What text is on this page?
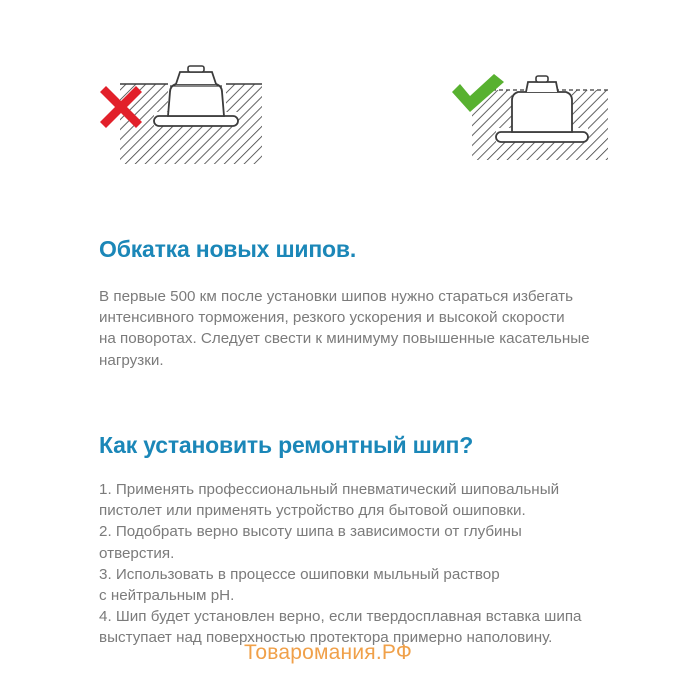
Обкатка новых шипов.
В первые 500 км после установки шипов нужно стараться избегать
интенсивного торможения, резкого ускорения и высокой скорости
на поворотах. Следует свести к минимуму повышенные касательные
нагрузки.
Как установить ремонтный шип?
1. Применять профессиональный пневматический шиповальный
пистолет или применять устройство для бытовой ошиповки.
2. Подобрать верно высоту шипа в зависимости от глубины
отверстия.
3. Использовать в процессе ошиповки мыльный раствор
с нейтральным pH.
4. Шип будет установлен верно, если твердосплавная вставка шипа
выступает над поверхностью протектора примерно наполовину.
Товаромания.РФ
